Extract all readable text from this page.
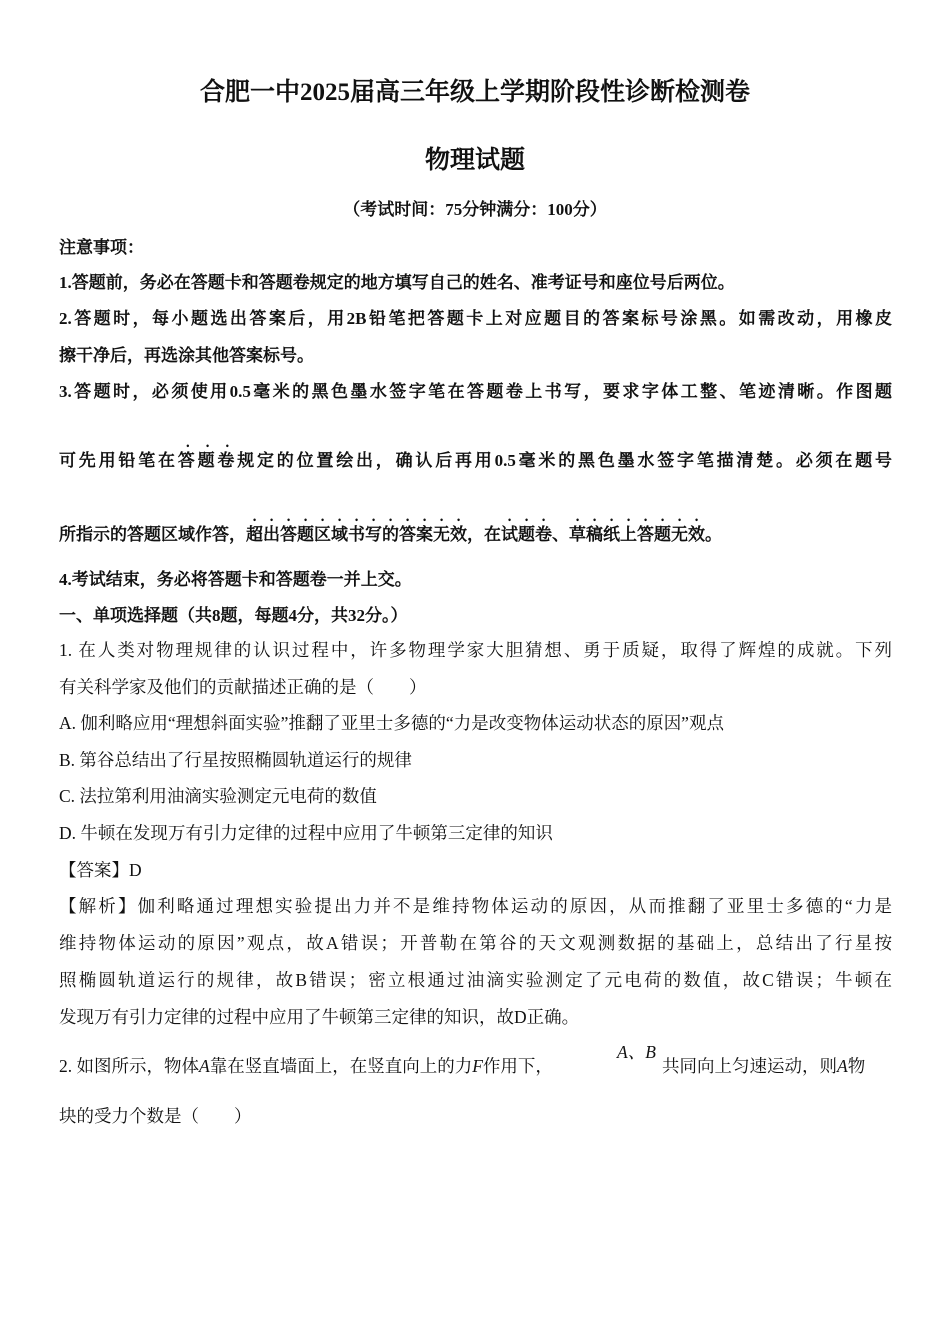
合肥一中2025届高三年级上学期阶段性诊断检测卷
物理试题
（考试时间：75分钟满分：100分）
注意事项：
1.答题前，务必在答题卡和答题卷规定的地方填写自己的姓名、准考证号和座位号后两位。
2.答题时，每小题选出答案后，用2B铅笔把答题卡上对应题目的答案标号涂黑。如需改动，用橡皮
擦干净后，再选涂其他答案标号。
3.答题时，必须使用0.5毫米的黑色墨水签字笔在答题卷上书写，要求字体工整、笔迹清晰。作图题
可先用铅笔在答题卷规定的位置绘出，确认后再用0.5毫米的黑色墨水签字笔描清楚。必须在题号
所指示的答题区域作答，超出答题区域书写的答案无效，在试题卷、草稿纸上答题无效。
4.考试结束，务必将答题卡和答题卷一并上交。
一、单项选择题（共8题，每题4分，共32分。）
1. 在人类对物理规律的认识过程中，许多物理学家大胆猜想、勇于质疑，取得了辉煌的成就。下列
有关科学家及他们的贡献描述正确的是（　　）
A. 伽利略应用“理想斜面实验”推翻了亚里士多德的“力是改变物体运动状态的原因”观点
B. 第谷总结出了行星按照椭圆轨道运行的规律
C. 法拉第利用油滴实验测定元电荷的数值
D. 牛顿在发现万有引力定律的过程中应用了牛顿第三定律的知识
【答案】D
【解析】伽利略通过理想实验提出力并不是维持物体运动的原因，从而推翻了亚里士多德的“力是
维持物体运动的原因”观点，故A错误；开普勒在第谷的天文观测数据的基础上，总结出了行星按
照椭圆轨道运行的规律，故B错误；密立根通过油滴实验测定了元电荷的数值，故C错误；牛顿在
发现万有引力定律的过程中应用了牛顿第三定律的知识，故D正确。
2. 如图所示，物体A靠在竖直墙面上，在竖直向上的力F作用下，
A、B
共同向上匀速运动，则A物
块的受力个数是（　　）
